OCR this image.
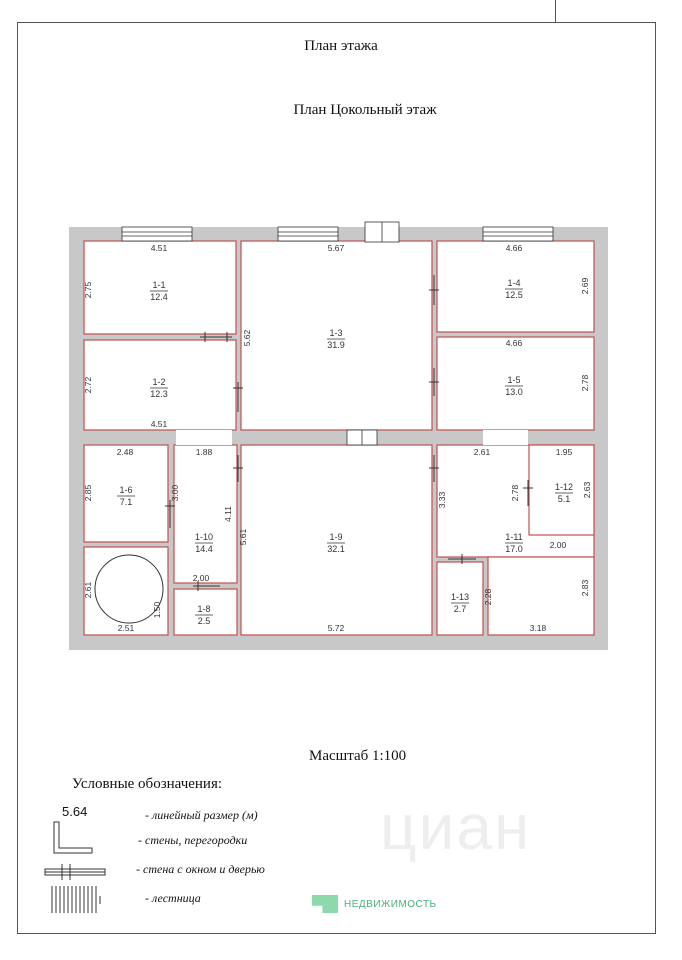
План этажа
План Цокольный этаж
1-1
12.4
1-2
12.3
1-3
31.9
1-4
12.5
1-5
13.0
1-6
7.1
1-8
2.5
1-9
32.1
1-10
14.4
1-11
17.0
1-12
5.1
1-13
2.7
4.51
2.75
5.67	4.66
2.69
5.62
2.72
4.66
2.78
4.51
2.48	1.88	2.61	1.95
2.85	3.00
4.11
3.33	2.78	2.63
2.00
5.61
2.00
2.61
1.50
2.28
2.83
2.51	5.72	3.18
циан
Масштаб 1:100
Условные обозначения:
5.64	- линейный размер (м)
- стены, перегородки
- стена с окном и дверью
- лестница	НЕДВИЖИМОСТЬ
